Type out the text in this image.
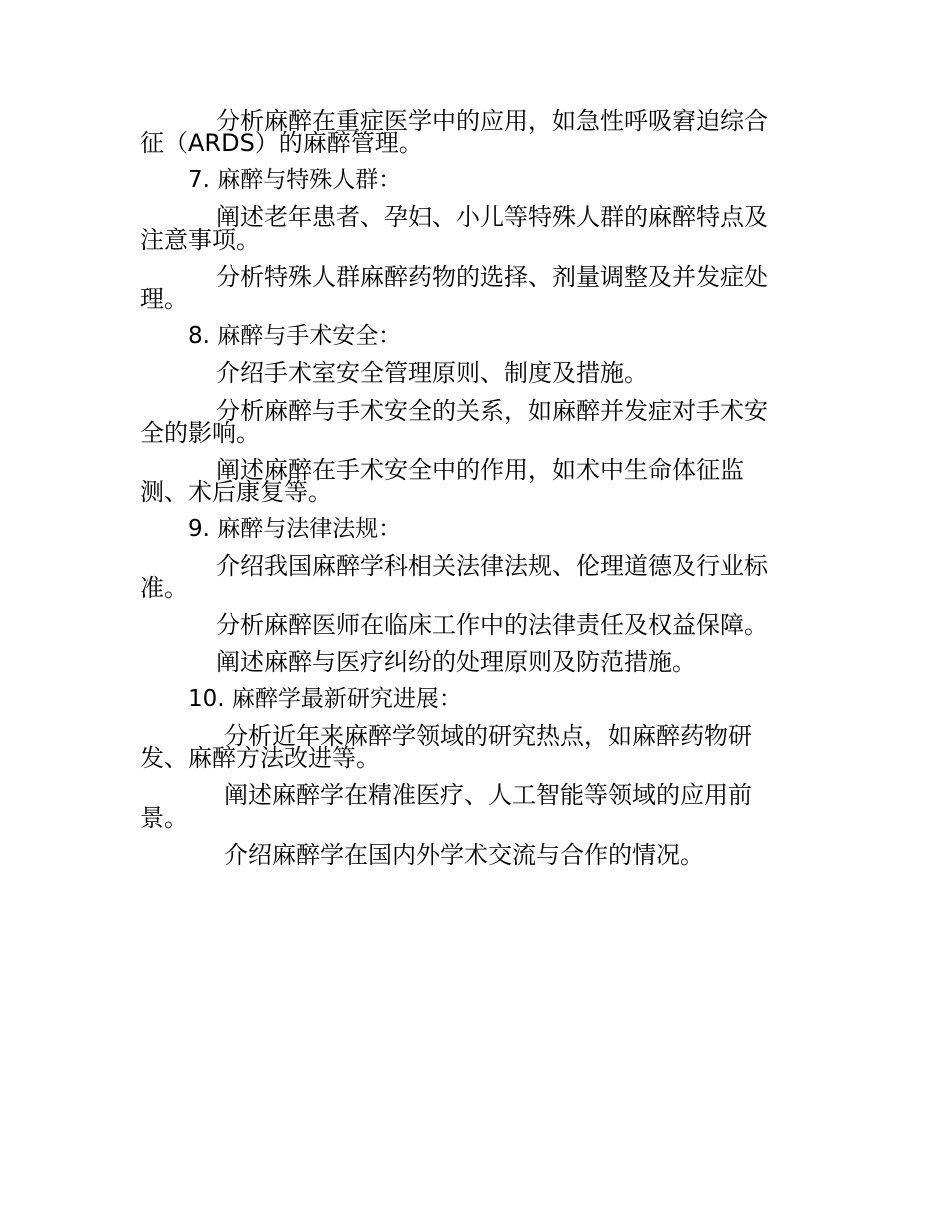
分析麻醉在重症医学中的应用，如急性呼吸窘迫综合
征（ARDS）的麻醉管理。
7. 麻醉与特殊人群：
阐述老年患者、孕妇、小儿等特殊人群的麻醉特点及
注意事项。
分析特殊人群麻醉药物的选择、剂量调整及并发症处
理。
8. 麻醉与手术安全：
介绍手术室安全管理原则、制度及措施。
分析麻醉与手术安全的关系，如麻醉并发症对手术安
全的影响。
阐述麻醉在手术安全中的作用，如术中生命体征监
测、术后康复等。
9. 麻醉与法律法规：
介绍我国麻醉学科相关法律法规、伦理道德及行业标
准。
分析麻醉医师在临床工作中的法律责任及权益保障。
阐述麻醉与医疗纠纷的处理原则及防范措施。
10. 麻醉学最新研究进展：
分析近年来麻醉学领域的研究热点，如麻醉药物研
发、麻醉方法改进等。
阐述麻醉学在精准医疗、人工智能等领域的应用前
景。
介绍麻醉学在国内外学术交流与合作的情况。
